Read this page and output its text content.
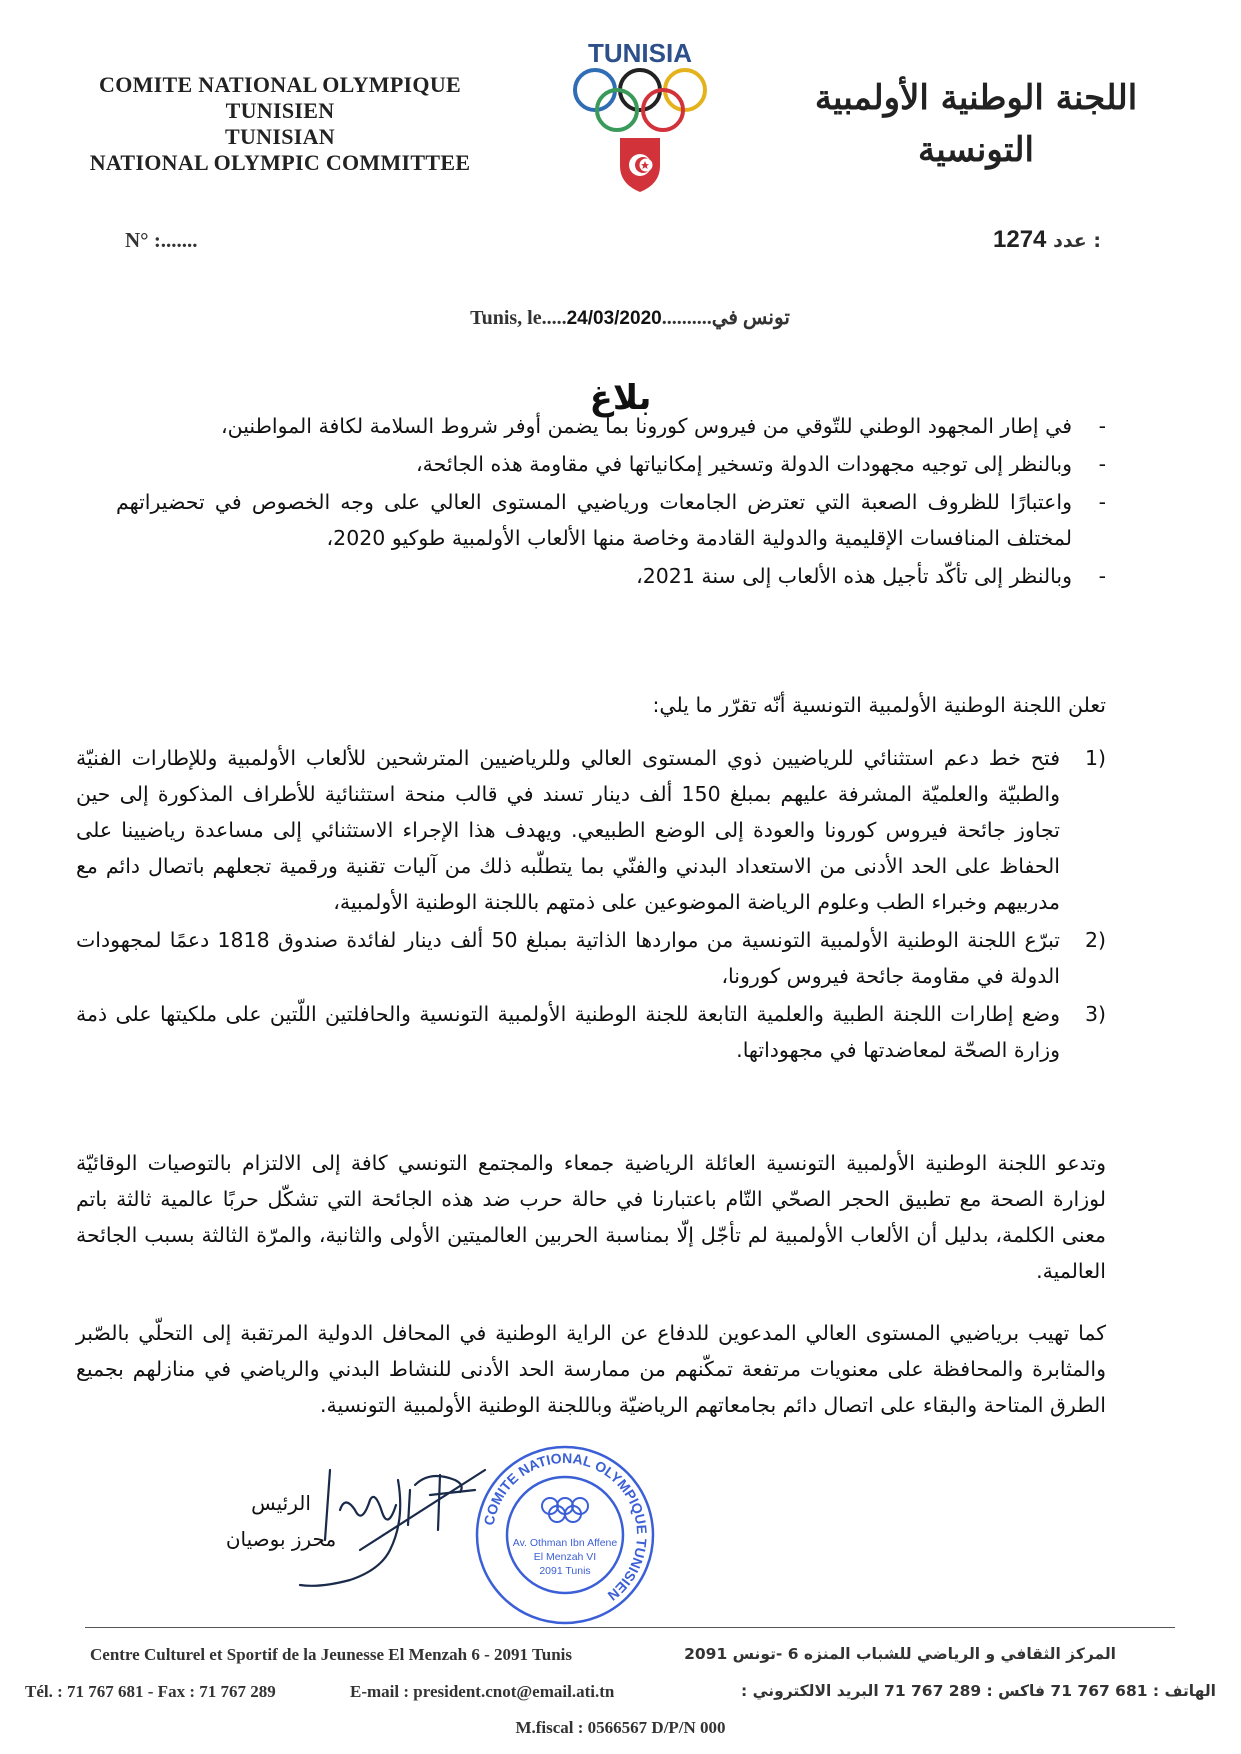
COMITE NATIONAL OLYMPIQUE
TUNISIEN
TUNISIAN
NATIONAL OLYMPIC COMMITTEE
TUNISIA
اللجنة الوطنية الأولمبية
التونسية
N° :.......	1274 عدد :
Tunis, le.....24/03/2020..........تونس في
بلاغ
-
في إطار المجهود الوطني للتّوقي من فيروس كورونا بما يضمن أوفر شروط السلامة لكافة المواطنين،
-
وبالنظر إلى توجيه مجهودات الدولة وتسخير إمكانياتها في مقاومة هذه الجائحة،
-
واعتبارًا للظروف الصعبة التي تعترض الجامعات ورياضيي المستوى العالي على وجه الخصوص في تحضيراتهم لمختلف المنافسات الإقليمية والدولية القادمة وخاصة منها الألعاب الأولمبية طوكيو 2020،
-
وبالنظر إلى تأكّد تأجيل هذه الألعاب إلى سنة 2021،
تعلن اللجنة الوطنية الأولمبية التونسية أنّه تقرّر ما يلي:
1)
فتح خط دعم استثنائي للرياضيين ذوي المستوى العالي وللرياضيين المترشحين للألعاب الأولمبية وللإطارات الفنيّة والطبيّة والعلميّة المشرفة عليهم بمبلغ 150 ألف دينار تسند في قالب منحة استثنائية للأطراف المذكورة إلى حين تجاوز جائحة فيروس كورونا والعودة إلى الوضع الطبيعي. ويهدف هذا الإجراء الاستثنائي إلى مساعدة رياضيينا على الحفاظ على الحد الأدنى من الاستعداد البدني والفنّي بما يتطلّبه ذلك من آليات تقنية ورقمية تجعلهم باتصال دائم مع مدربيهم وخبراء الطب وعلوم الرياضة الموضوعين على ذمتهم باللجنة الوطنية الأولمبية،
2)
تبرّع اللجنة الوطنية الأولمبية التونسية من مواردها الذاتية بمبلغ 50 ألف دينار لفائدة صندوق 1818 دعمًا لمجهودات الدولة في مقاومة جائحة فيروس كورونا،
3)
وضع إطارات اللجنة الطبية والعلمية التابعة للجنة الوطنية الأولمبية التونسية والحافلتين اللّتين على ملكيتها على ذمة وزارة الصحّة لمعاضدتها في مجهوداتها.
وتدعو اللجنة الوطنية الأولمبية التونسية العائلة الرياضية جمعاء والمجتمع التونسي كافة إلى الالتزام بالتوصيات الوقائيّة لوزارة الصحة مع تطبيق الحجر الصحّي التّام باعتبارنا في حالة حرب ضد هذه الجائحة التي تشكّل حربًا عالمية ثالثة باتم معنى الكلمة، بدليل أن الألعاب الأولمبية لم تأجّل إلّا بمناسبة الحربين العالميتين الأولى والثانية، والمرّة الثالثة بسبب الجائحة العالمية.
كما تهيب برياضيي المستوى العالي المدعوين للدفاع عن الراية الوطنية في المحافل الدولية المرتقبة إلى التحلّي بالصّبر والمثابرة والمحافظة على معنويات مرتفعة تمكّنهم من ممارسة الحد الأدنى للنشاط البدني والرياضي في منازلهم بجميع الطرق المتاحة والبقاء على اتصال دائم بجامعاتهم الرياضيّة وباللجنة الوطنية الأولمبية التونسية.
الرئيس
محرز بوصيان
COMITE NATIONAL OLYMPIQUE TUNISIEN
Av. Othman Ibn Affene
El Menzah VI
2091 Tunis
Centre Culturel et Sportif de la Jeunesse El Menzah 6 - 2091 Tunis	المركز الثقافي و الرياضي للشباب المنزه 6 -تونس 2091
Tél. : 71 767 681 - Fax : 71 767 289	E-mail : president.cnot@email.ati.tn	الهاتف : 681 767 71 فاكس : 289 767 71 البريد الالكتروني :
M.fiscal : 0566567 D/P/N 000
